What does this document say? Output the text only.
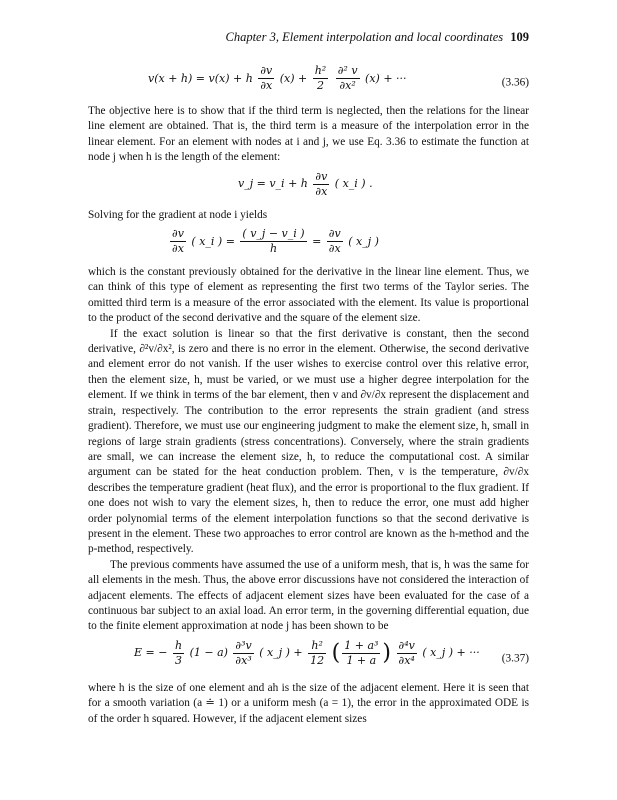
Chapter 3, Element interpolation and local coordinates 109
v(x + h) = v(x) + h $\frac{\partial v}{\partial x} (x) + \frac{\text{h²}}{2}$
$\frac{\text{∂² v}}{\text{∂x²}} (x)$ + ···	(3.36)

The objective here is to show that if the third term is neglected, then the relations for the linear line element are obtained. That is, the third term is a measure of the interpolation error in the linear element. For an element with nodes at i and j, we use Eq. 3.36 to estimate the function at node j when h is the length of the element:

v_j = v_i + h $\frac{\partial v}{\partial x}$ ( x_i ) .

Solving for the gradient at node i yields

$\frac{\partial v}{\partial x}$ ( x_i ) = $\frac{( v\_j - v\_i )}{h} = \frac{\partial v}{\partial x}$ ( x_j )

which is the constant previously obtained for the derivative in the linear line element. Thus, we can think of this type of element as representing the first two terms of the Taylor series. The omitted third term is a measure of the error associated with the element. Its value is proportional to the product of the second derivative and the square of the element size.

If the exact solution is linear so that the first derivative is constant, then the second derivative, ∂²v/∂x², is zero and there is no error in the element. Otherwise, the second derivative and element error do not vanish. If the user wishes to exercise control over this relative error, then the element size, h, must be varied, or we must use a higher degree interpolation for the element. If we think in terms of the bar element, then v and ∂v/∂x represent the displacement and strain, respectively. The contribution to the error represents the strain gradient (and stress gradient). Therefore, we must use our engineering judgment to make the element size, h, small in regions of large strain gradients (stress concentrations). Conversely, where the strain gradients are small, we can increase the element size, h, to reduce the computational cost. A similar argument can be stated for the heat conduction problem. Then, v is the temperature, ∂v/∂x describes the temperature gradient (heat flux), and the error is proportional to the flux gradient. If one does not wish to vary the element sizes, h, then to reduce the error, one must add higher order polynomial terms of the element interpolation functions so that the second derivative is present in the element. These two approaches to error control are known as the h-method and the p-method, respectively.

The previous comments have assumed the use of a uniform mesh, that is, h was the same for all elements in the mesh. Thus, the above error discussions have not considered the interaction of adjacent elements. The effects of adjacent element sizes have been evaluated for the case of a continuous bar subject to an axial load. An error term, in the governing differential equation, due to the finite element approximation at node j has been shown to be

E = − $\frac{h}{3} (1 - a) \frac{\text{∂³v}}{\text{∂x³}}$ ( x_j ) + $\frac{\text{h²}}{12}$ ( $\frac{\text{1 + a³}}{1 + a}$ ) $\frac{\text{∂⁴v}}{\text{∂x⁴}}$ ( x_j ) + ··· (3.37)

where h is the size of one element and ah is the size of the adjacent element. Here it is seen that for a smooth variation (a ≐ 1) or a uniform mesh (a = 1), the error in the approximated ODE is of the order h squared. However, if the adjacent element sizes
